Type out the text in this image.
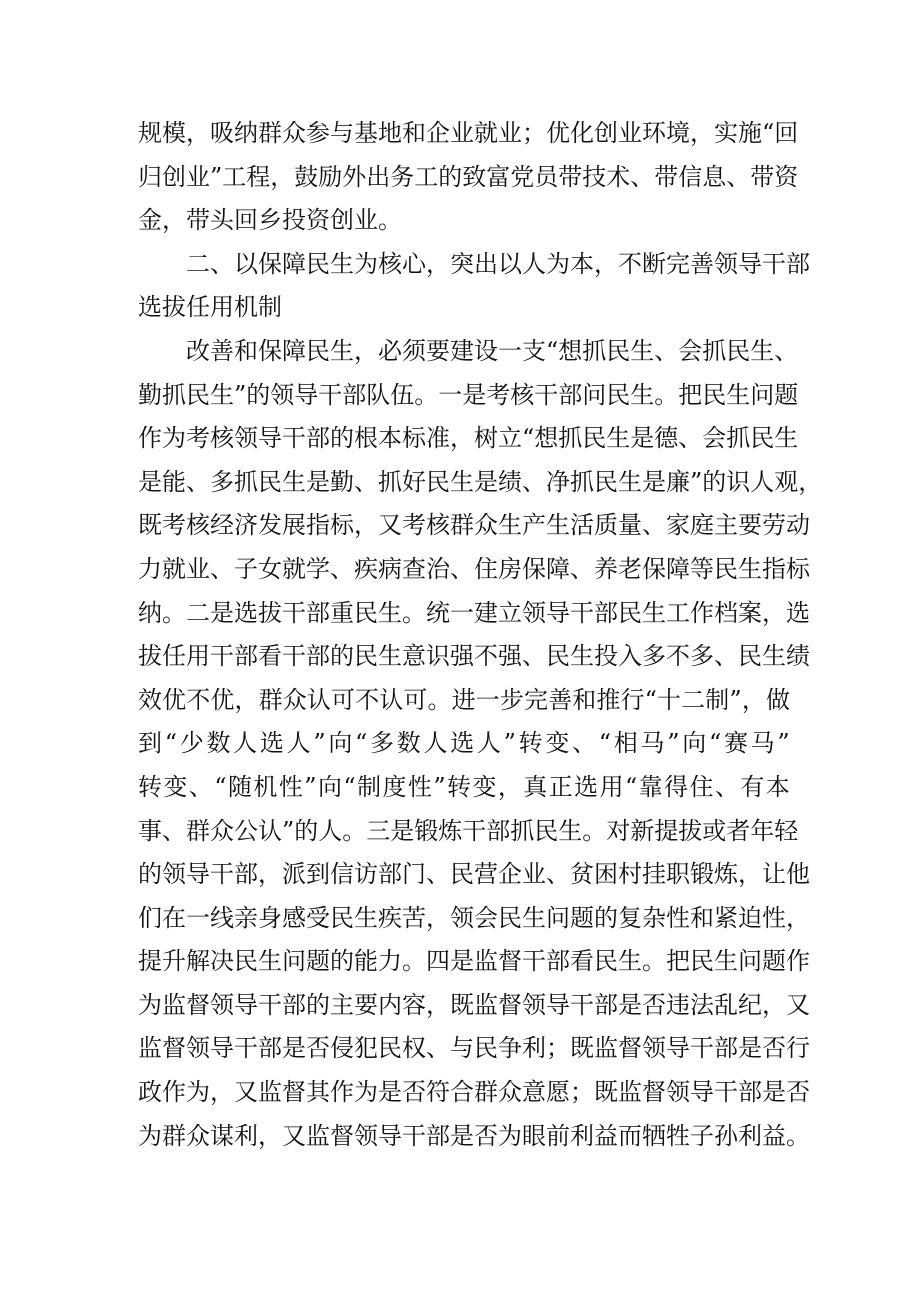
规 模 ， 吸 纳 群 众 参 与 基 地 和 企 业 就 业 ； 优 化 创 业 环 境 ， 实 施 “ 回
归 创 业 ” 工 程 ， 鼓 励 外 出 务 工 的 致 富 党 员 带 技 术 、 带 信 息 、 带 资
金，带头回乡投资创业。
二 、 以 保 障 民 生 为 核 心 ， 突 出 以 人 为 本 ， 不 断 完 善 领 导 干 部
选拔任用机制
改 善 和 保 障 民 生 ， 必 须 要 建 设 一 支 “ 想 抓 民 生 、 会 抓 民 生 、
勤 抓 民 生 ” 的 领 导 干 部 队 伍 。 一 是 考 核 干 部 问 民 生 。 把 民 生 问 题
作 为 考 核 领 导 干 部 的 根 本 标 准 ， 树 立 “ 想 抓 民 生 是 德 、 会 抓 民 生
是 能 、 多 抓 民 生 是 勤 、 抓 好 民 生 是 绩 、 净 抓 民 生 是 廉 ” 的 识 人 观 ，
既 考 核 经 济 发 展 指 标 ， 又 考 核 群 众 生 产 生 活 质 量 、 家 庭 主 要 劳 动
力 就 业 、 子 女 就 学 、 疾 病 查 治 、 住 房 保 障 、 养 老 保 障 等 民 生 指 标
纳 。 二 是 选 拔 干 部 重 民 生 。 统 一 建 立 领 导 干 部 民 生 工 作 档 案 ， 选
拔 任 用 干 部 看 干 部 的 民 生 意 识 强 不 强 、 民 生 投 入 多 不 多 、 民 生 绩
效 优 不 优 ， 群 众 认 可 不 认 可 。 进 一 步 完 善 和 推 行 “ 十 二 制 ” ， 做
到 “ 少 数 人 选 人 ” 向 “ 多 数 人 选 人 ” 转 变 、 “ 相 马 ” 向 “ 赛 马 ”
转 变 、 “ 随 机 性 ” 向 “ 制 度 性 ” 转 变 ， 真 正 选 用 “ 靠 得 住 、 有 本
事 、 群 众 公 认 ” 的 人 。 三 是 锻 炼 干 部 抓 民 生 。 对 新 提 拔 或 者 年 轻
的 领 导 干 部 ， 派 到 信 访 部 门 、 民 营 企 业 、 贫 困 村 挂 职 锻 炼 ， 让 他
们 在 一 线 亲 身 感 受 民 生 疾 苦 ， 领 会 民 生 问 题 的 复 杂 性 和 紧 迫 性 ，
提 升 解 决 民 生 问 题 的 能 力 。 四 是 监 督 干 部 看 民 生 。 把 民 生 问 题 作
为 监 督 领 导 干 部 的 主 要 内 容 ， 既 监 督 领 导 干 部 是 否 违 法 乱 纪 ， 又
监 督 领 导 干 部 是 否 侵 犯 民 权 、 与 民 争 利 ； 既 监 督 领 导 干 部 是 否 行
政 作 为 ， 又 监 督 其 作 为 是 否 符 合 群 众 意 愿 ； 既 监 督 领 导 干 部 是 否
为 群 众 谋 利 ， 又 监 督 领 导 干 部 是 否 为 眼 前 利 益 而 牺 牲 子 孙 利 益 。
